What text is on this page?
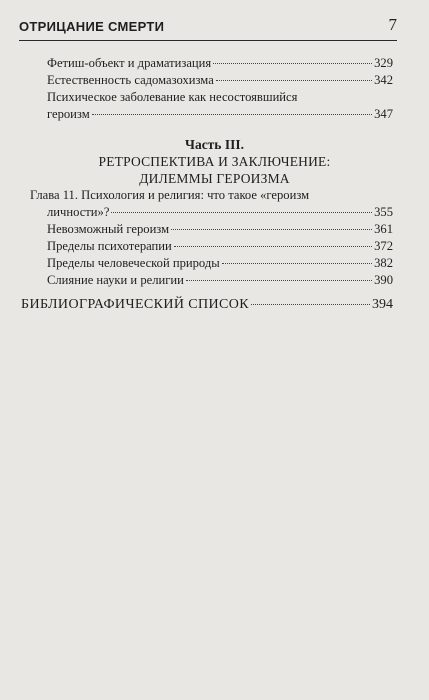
ОТРИЦАНИЕ СМЕРТИ	7
Фетиш-объект и драматизация	329
Естественность садомазохизма	342
Психическое заболевание как несостоявшийся
героизм	347
Часть III.
РЕТРОСПЕКТИВА И ЗАКЛЮЧЕНИЕ:
ДИЛЕММЫ ГЕРОИЗМА
Глава 11. Психология и религия: что такое «героизм
личности»?	355
Невозможный героизм	361
Пределы психотерапии	372
Пределы человеческой природы	382
Слияние науки и религии	390
БИБЛИОГРАФИЧЕСКИЙ СПИСОК	394
